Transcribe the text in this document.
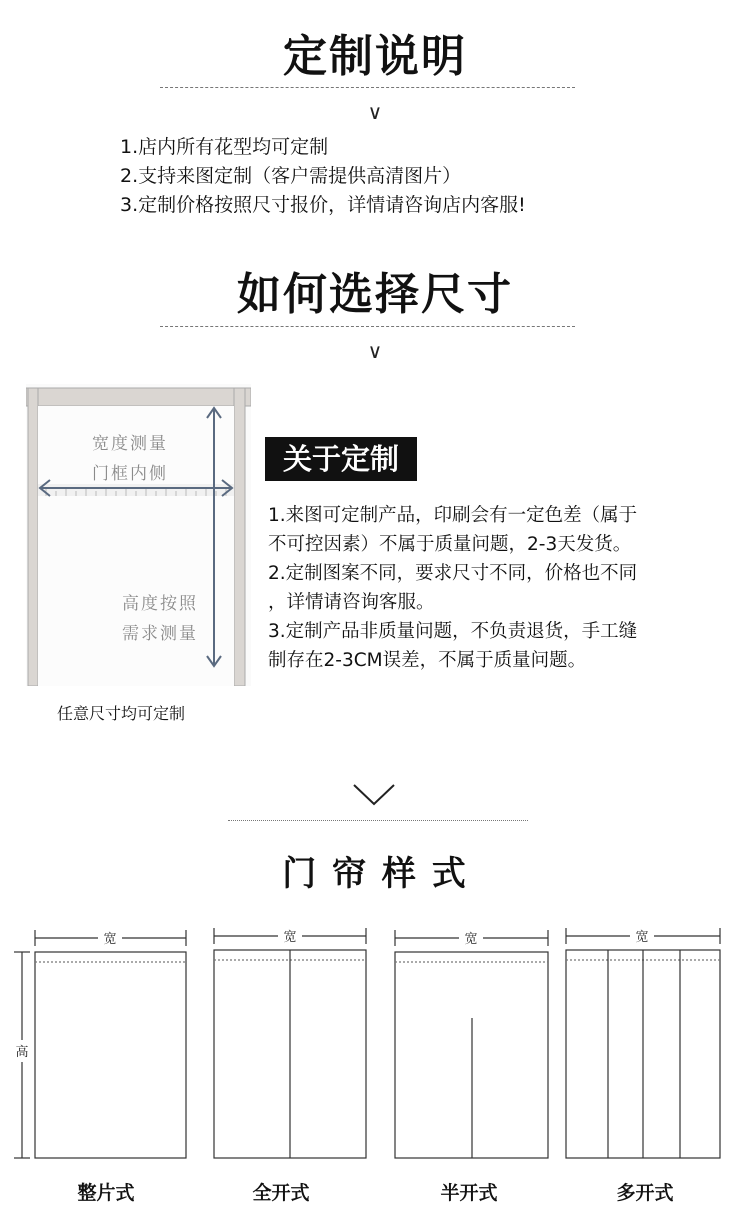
定制说明
∨
1.店内所有花型均可定制
2.支持来图定制（客户需提供高清图片）
3.定制价格按照尺寸报价，详情请咨询店内客服!
如何选择尺寸
∨
宽度测量
门框内侧
高度按照
需求测量
任意尺寸均可定制
关于定制
1.来图可定制产品，印刷会有一定色差（属于
不可控因素）不属于质量问题，2-3天发货。
2.定制图案不同，要求尺寸不同，价格也不同
，详情请咨询客服。
3.定制产品非质量问题，不负责退货，手工缝
制存在2-3CM误差，不属于质量问题。
门 帘 样 式
宽	宽	宽	宽
高
整片式	全开式	半开式	多开式
